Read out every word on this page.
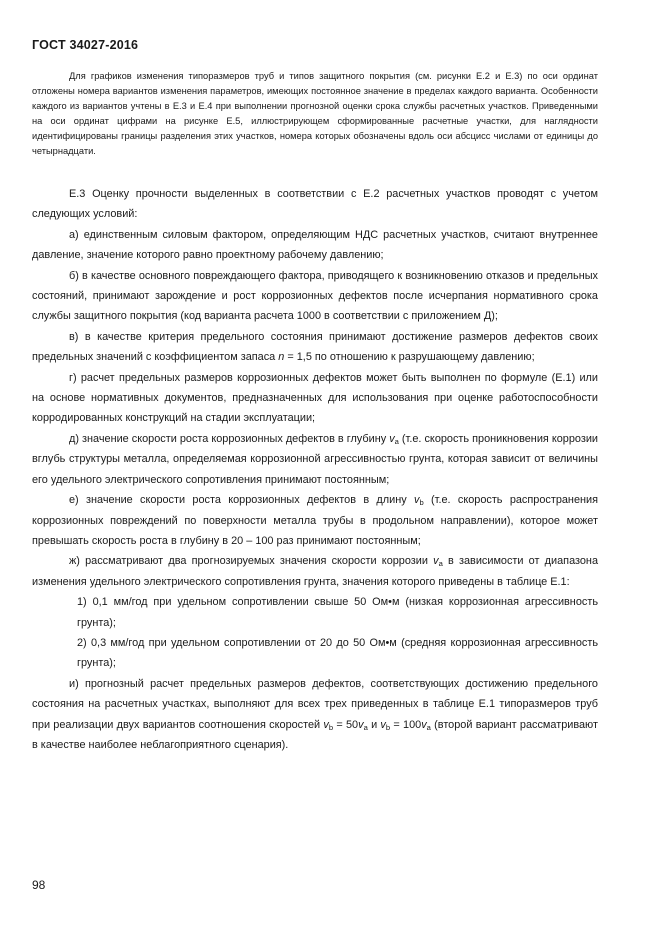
ГОСТ 34027-2016

Для графиков изменения типоразмеров труб и типов защитного покрытия (см. рисунки Е.2 и Е.3) по оси ординат отложены номера вариантов изменения параметров, имеющих постоянное значение в пределах каждого варианта. Особенности каждого из вариантов учтены в Е.3 и Е.4 при выполнении прогнозной оценки срока службы расчетных участков. Приведенными на оси ординат цифрами на рисунке Е.5, иллюстрирующем сформированные расчетные участки, для наглядности идентифицированы границы разделения этих участков, номера которых обозначены вдоль оси абсцисс числами от единицы до четырнадцати.

Е.3 Оценку прочности выделенных в соответствии с Е.2 расчетных участков проводят с учетом следующих условий:

а) единственным силовым фактором, определяющим НДС расчетных участков, считают внутреннее давление, значение которого равно проектному рабочему давлению;

б) в качестве основного повреждающего фактора, приводящего к возникновению отказов и предельных состояний, принимают зарождение и рост коррозионных дефектов после исчерпания нормативного срока службы защитного покрытия (код варианта расчета 1000 в соответствии с приложением Д);

в) в качестве критерия предельного состояния принимают достижение размеров дефектов своих предельных значений с коэффициентом запаса n = 1,5 по отношению к разрушающему давлению;

г) расчет предельных размеров коррозионных дефектов может быть выполнен по формуле (Е.1) или на основе нормативных документов, предназначенных для использования при оценке работоспособности корродированных конструкций на стадии эксплуатации;

д) значение скорости роста коррозионных дефектов в глубину $v_a$ (т.е. скорость проникновения коррозии вглубь структуры металла, определяемая коррозионной агрессивностью грунта, которая зависит от величины его удельного электрического сопротивления принимают постоянным;

е) значение скорости роста коррозионных дефектов в длину $v_b$ (т.е. скорость распространения коррозионных повреждений по поверхности металла трубы в продольном направлении), которое может превышать скорость роста в глубину в 20 – 100 раз принимают постоянным;

ж) рассматривают два прогнозируемых значения скорости коррозии $v_a$ в зависимости от диапазона изменения удельного электрического сопротивления грунта, значения которого приведены в таблице Е.1:

1) 0,1 мм/год при удельном сопротивлении свыше 50 Ом•м (низкая коррозионная агрессивность грунта);

2) 0,3 мм/год при удельном сопротивлении от 20 до 50 Ом•м (средняя коррозионная агрессивность грунта);

и) прогнозный расчет предельных размеров дефектов, соответствующих достижению предельного состояния на расчетных участках, выполняют для всех трех приведенных в таблице Е.1 типоразмеров труб при реализации двух вариантов соотношения скоростей $v_b = 50v_a$ и $v_b = 100v_a$ (второй вариант рассматривают в качестве наиболее неблагоприятного сценария).

98
